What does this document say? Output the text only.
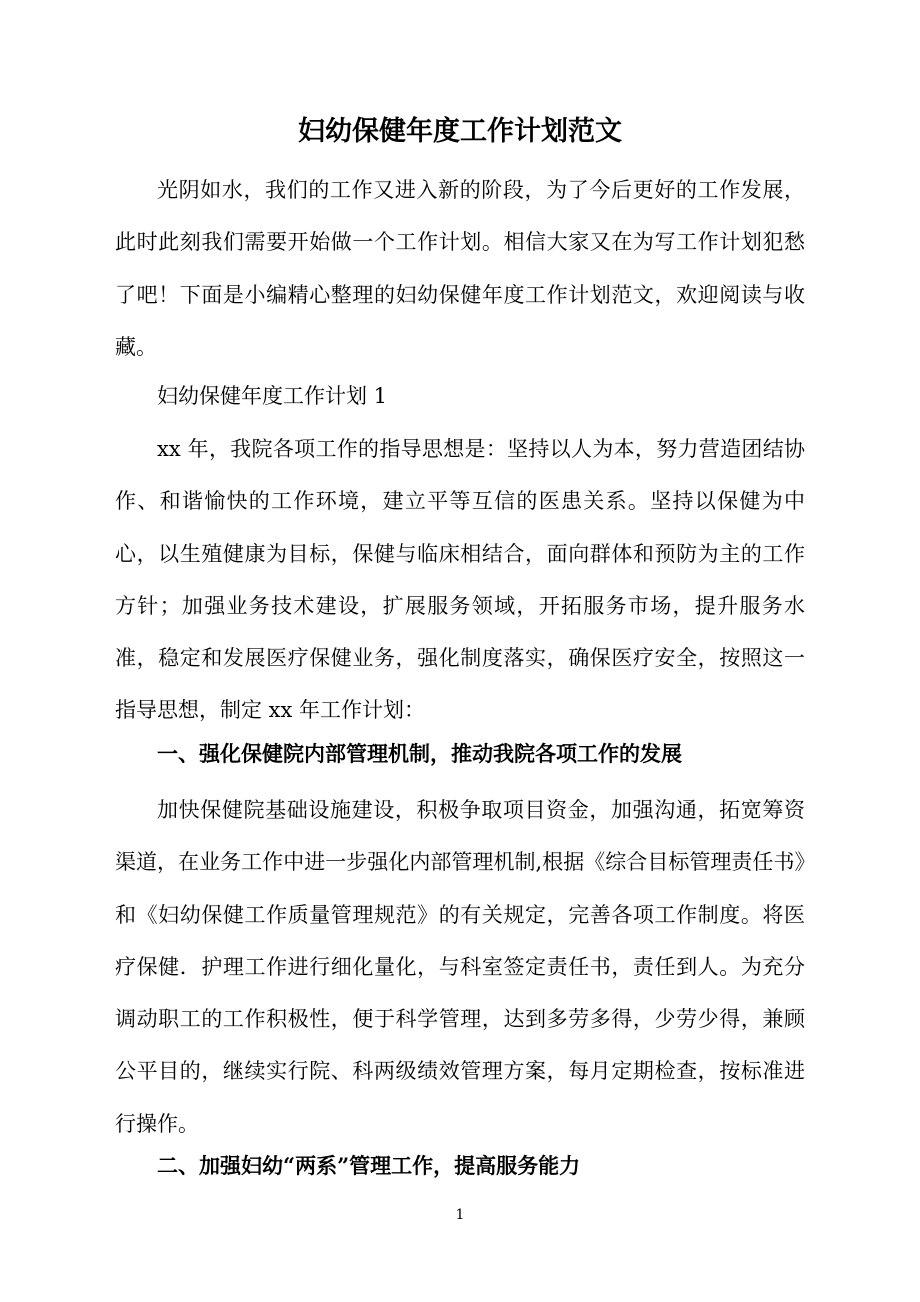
妇幼保健年度工作计划范文

光阴如水，我们的工作又进入新的阶段，为了今后更好的工作发展，此时此刻我们需要开始做一个工作计划。相信大家又在为写工作计划犯愁了吧！下面是小编精心整理的妇幼保健年度工作计划范文，欢迎阅读与收藏。

妇幼保健年度工作计划 1

xx 年，我院各项工作的指导思想是：坚持以人为本，努力营造团结协作、和谐愉快的工作环境，建立平等互信的医患关系。坚持以保健为中心，以生殖健康为目标，保健与临床相结合，面向群体和预防为主的工作方针；加强业务技术建设，扩展服务领域，开拓服务市场，提升服务水准，稳定和发展医疗保健业务，强化制度落实，确保医疗安全，按照这一指导思想，制定 xx 年工作计划：

一、强化保健院内部管理机制，推动我院各项工作的发展

加快保健院基础设施建设，积极争取项目资金，加强沟通，拓宽筹资渠道，在业务工作中进一步强化内部管理机制,根据《综合目标管理责任书》和《妇幼保健工作质量管理规范》的有关规定，完善各项工作制度。将医疗保健．护理工作进行细化量化，与科室签定责任书，责任到人。为充分调动职工的工作积极性，便于科学管理，达到多劳多得，少劳少得，兼顾公平目的，继续实行院、科两级绩效管理方案，每月定期检查，按标准进行操作。

二、加强妇幼“两系”管理工作，提高服务能力

1
